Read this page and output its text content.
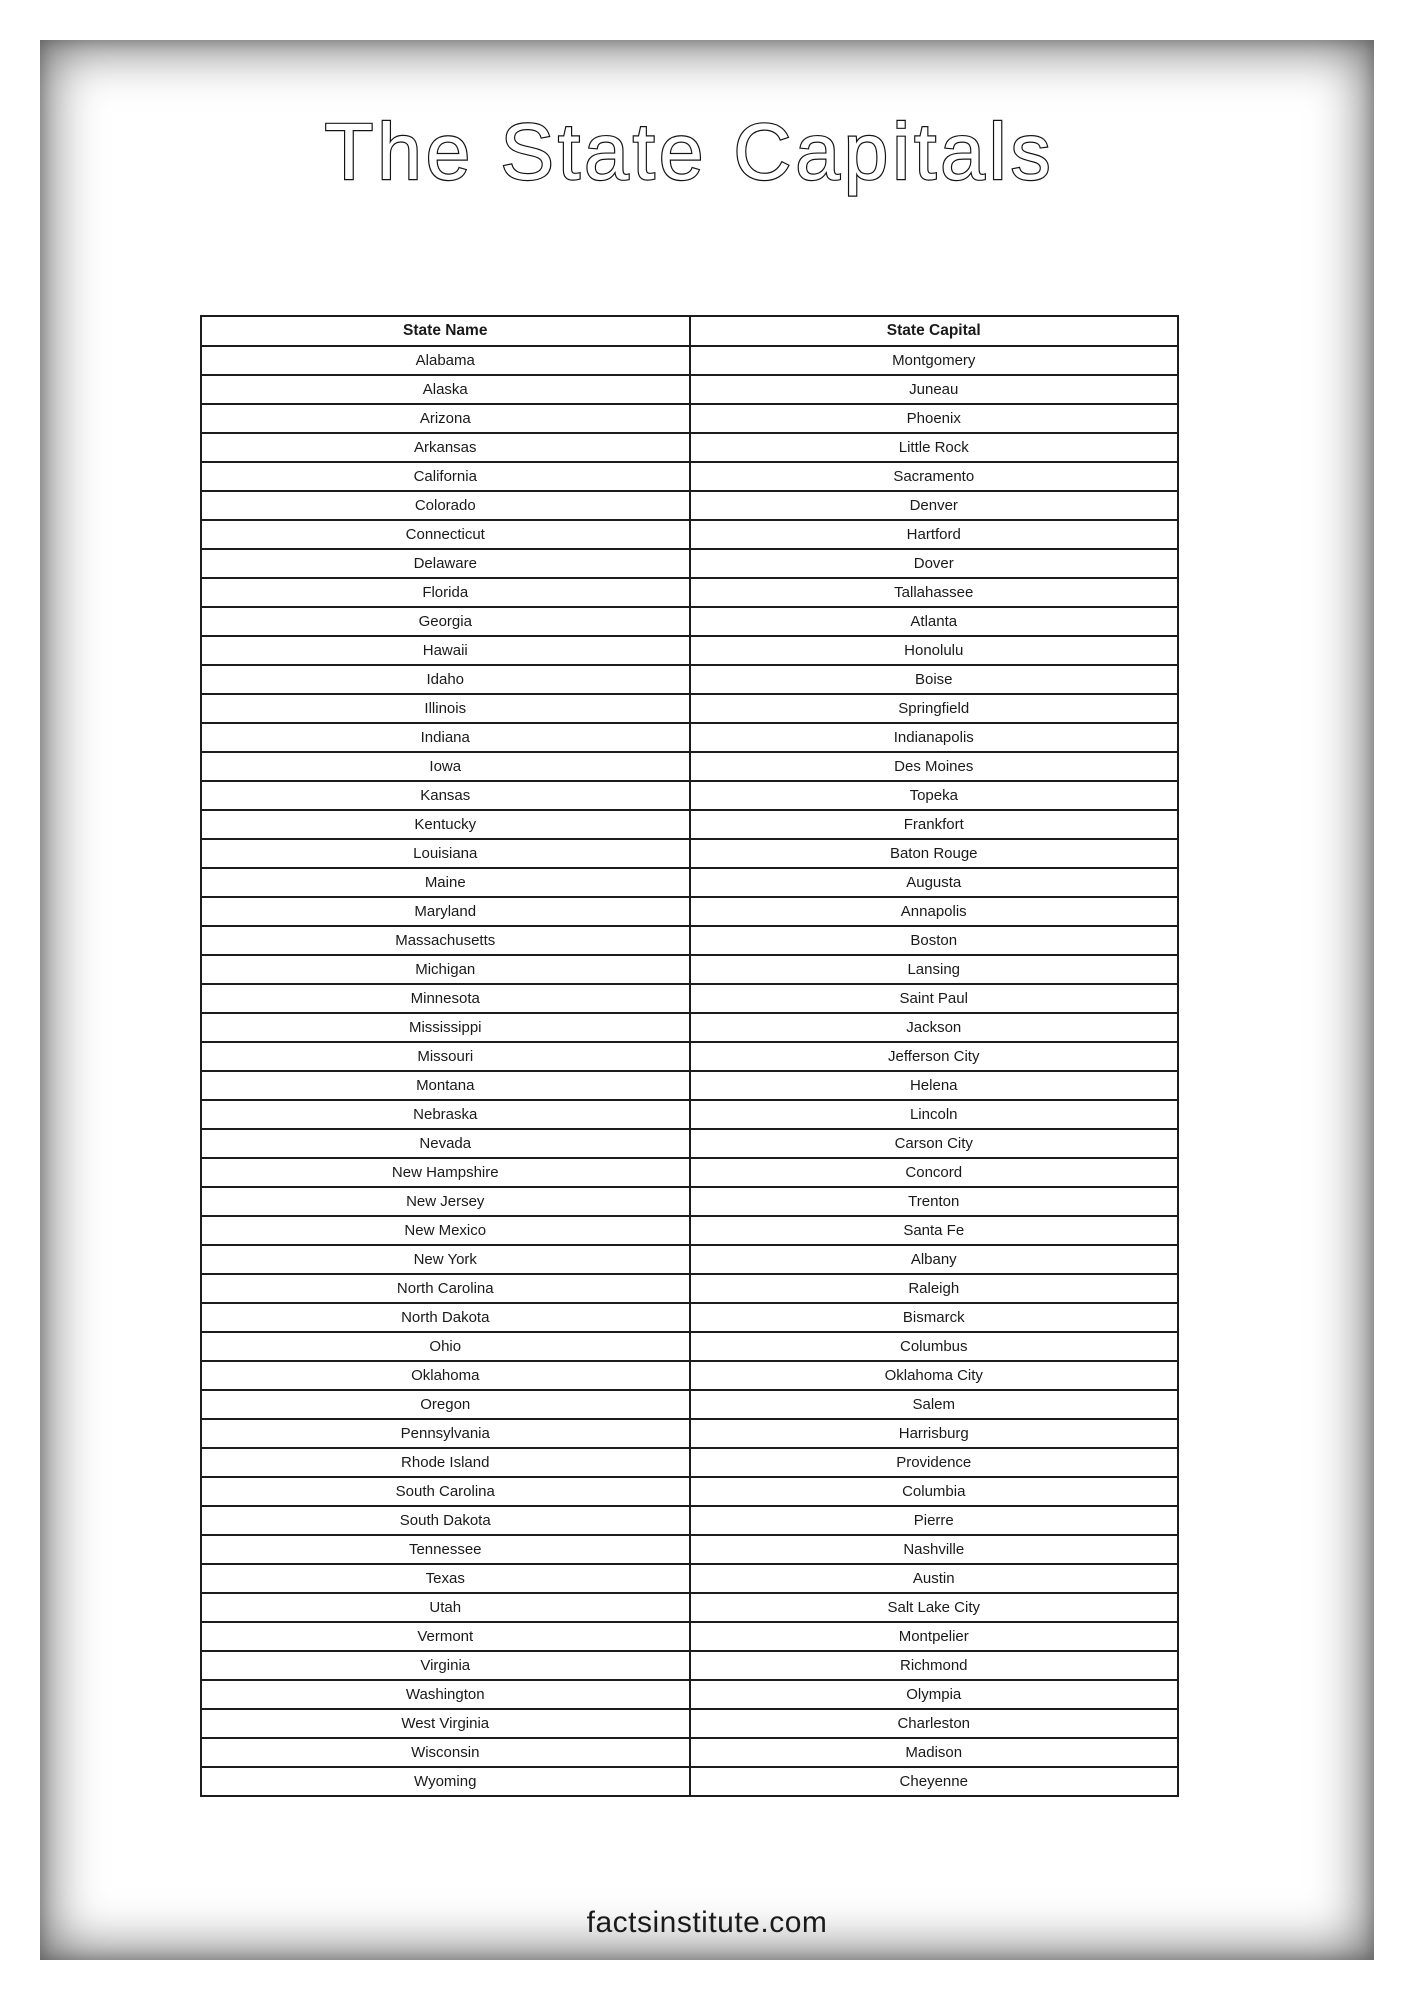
The State Capitals
State Name	State Capital
Alabama	Montgomery
Alaska	Juneau
Arizona	Phoenix
Arkansas	Little Rock
California	Sacramento
Colorado	Denver
Connecticut	Hartford
Delaware	Dover
Florida	Tallahassee
Georgia	Atlanta
Hawaii	Honolulu
Idaho	Boise
Illinois	Springfield
Indiana	Indianapolis
Iowa	Des Moines
Kansas	Topeka
Kentucky	Frankfort
Louisiana	Baton Rouge
Maine	Augusta
Maryland	Annapolis
Massachusetts	Boston
Michigan	Lansing
Minnesota	Saint Paul
Mississippi	Jackson
Missouri	Jefferson City
Montana	Helena
Nebraska	Lincoln
Nevada	Carson City
New Hampshire	Concord
New Jersey	Trenton
New Mexico	Santa Fe
New York	Albany
North Carolina	Raleigh
North Dakota	Bismarck
Ohio	Columbus
Oklahoma	Oklahoma City
Oregon	Salem
Pennsylvania	Harrisburg
Rhode Island	Providence
South Carolina	Columbia
South Dakota	Pierre
Tennessee	Nashville
Texas	Austin
Utah	Salt Lake City
Vermont	Montpelier
Virginia	Richmond
Washington	Olympia
West Virginia	Charleston
Wisconsin	Madison
Wyoming	Cheyenne

factsinstitute.com
